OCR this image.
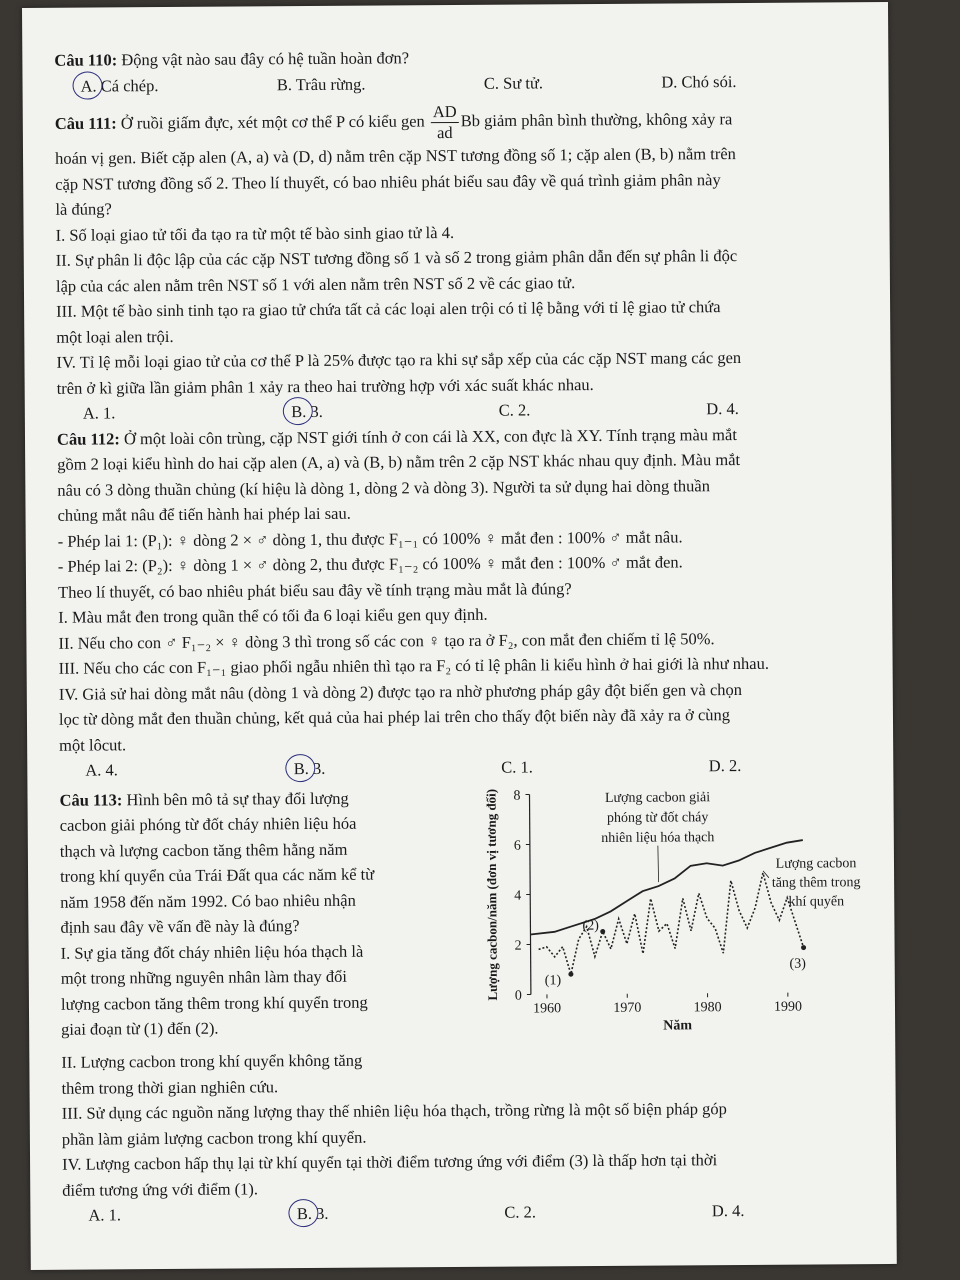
Câu 110: Động vật nào sau đây có hệ tuần hoàn đơn?

A. Cá chép.	B. Trâu rừng.	C. Sư tử.	D. Chó sói.

Câu 111: Ở ruồi giấm đực, xét một cơ thể P có kiểu gen $\frac{AD}{ad}$ Bb giảm phân bình thường, không xảy ra

hoán vị gen. Biết cặp alen (A, a) và (D, d) nằm trên cặp NST tương đồng số 1; cặp alen (B, b) nằm trên
cặp NST tương đồng số 2. Theo lí thuyết, có bao nhiêu phát biểu sau đây về quá trình giảm phân này
là đúng?
I. Số loại giao tử tối đa tạo ra từ một tế bào sinh giao tử là 4.
II. Sự phân li độc lập của các cặp NST tương đồng số 1 và số 2 trong giảm phân dẫn đến sự phân li độc
lập của các alen nằm trên NST số 1 với alen nằm trên NST số 2 về các giao tử.
III. Một tế bào sinh tinh tạo ra giao tử chứa tất cả các loại alen trội có tỉ lệ bằng với tỉ lệ giao tử chứa
một loại alen trội.
IV. Tỉ lệ mỗi loại giao tử của cơ thể P là 25% được tạo ra khi sự sắp xếp của các cặp NST mang các gen
trên ở kì giữa lần giảm phân 1 xảy ra theo hai trường hợp với xác suất khác nhau.
A. 1.	B. 3.	C. 2.	D. 4.

Câu 112: Ở một loài côn trùng, cặp NST giới tính ở con cái là XX, con đực là XY. Tính trạng màu mắt

gồm 2 loại kiểu hình do hai cặp alen (A, a) và (B, b) nằm trên 2 cặp NST khác nhau quy định. Màu mắt
nâu có 3 dòng thuần chủng (kí hiệu là dòng 1, dòng 2 và dòng 3). Người ta sử dụng hai dòng thuần
chủng mắt nâu để tiến hành hai phép lai sau.
- Phép lai 1: (P₁): ♀ dòng 2 × ♂ dòng 1, thu được F₁₋₁ có 100% ♀ mắt đen : 100% ♂ mắt nâu.
- Phép lai 2: (P₂): ♀ dòng 1 × ♂ dòng 2, thu được F₁₋₂ có 100% ♀ mắt đen : 100% ♂ mắt đen.
Theo lí thuyết, có bao nhiêu phát biểu sau đây về tính trạng màu mắt là đúng?
I. Màu mắt đen trong quần thể có tối đa 6 loại kiểu gen quy định.
II. Nếu cho con ♂ F₁₋₂ × ♀ dòng 3 thì trong số các con ♀ tạo ra ở F₂, con mắt đen chiếm tỉ lệ 50%.
III. Nếu cho các con F₁₋₁ giao phối ngẫu nhiên thì tạo ra F₂ có tỉ lệ phân li kiểu hình ở hai giới là như nhau.
IV. Giả sử hai dòng mắt nâu (dòng 1 và dòng 2) được tạo ra nhờ phương pháp gây đột biến gen và chọn
lọc từ dòng mắt đen thuần chủng, kết quả của hai phép lai trên cho thấy đột biến này đã xảy ra ở cùng
một lôcut.
A. 4.	B. 3.	C. 1.	D. 2.
Câu 113: Hình bên mô tả sự thay đổi lượng
cacbon giải phóng từ đốt cháy nhiên liệu hóa
thạch và lượng cacbon tăng thêm hằng năm
trong khí quyển của Trái Đất qua các năm kể từ
năm 1958 đến năm 1992. Có bao nhiêu nhận
định sau đây về vấn đề này là đúng?
I. Sự gia tăng đốt cháy nhiên liệu hóa thạch là
một trong những nguyên nhân làm thay đổi
lượng cacbon tăng thêm trong khí quyển trong
giai đoạn từ (1) đến (2).
0
2
4
6
8
1960	1970	1980	1990
Năm
Lượng cacbon/năm (đơn vị tương đối)	(1)
(2)
(3)
Lượng cacbon giải
phóng từ đốt cháy
nhiên liệu hóa thạch
Lượng cacbon
tăng thêm trong
khí quyển
II. Lượng cacbon trong khí quyển không tăng
thêm trong thời gian nghiên cứu.
III. Sử dụng các nguồn năng lượng thay thế nhiên liệu hóa thạch, trồng rừng là một số biện pháp góp
phần làm giảm lượng cacbon trong khí quyển.
IV. Lượng cacbon hấp thụ lại từ khí quyển tại thời điểm tương ứng với điểm (3) là thấp hơn tại thời
điểm tương ứng với điểm (1).
A. 1.	B. 3.	C. 2.	D. 4.
